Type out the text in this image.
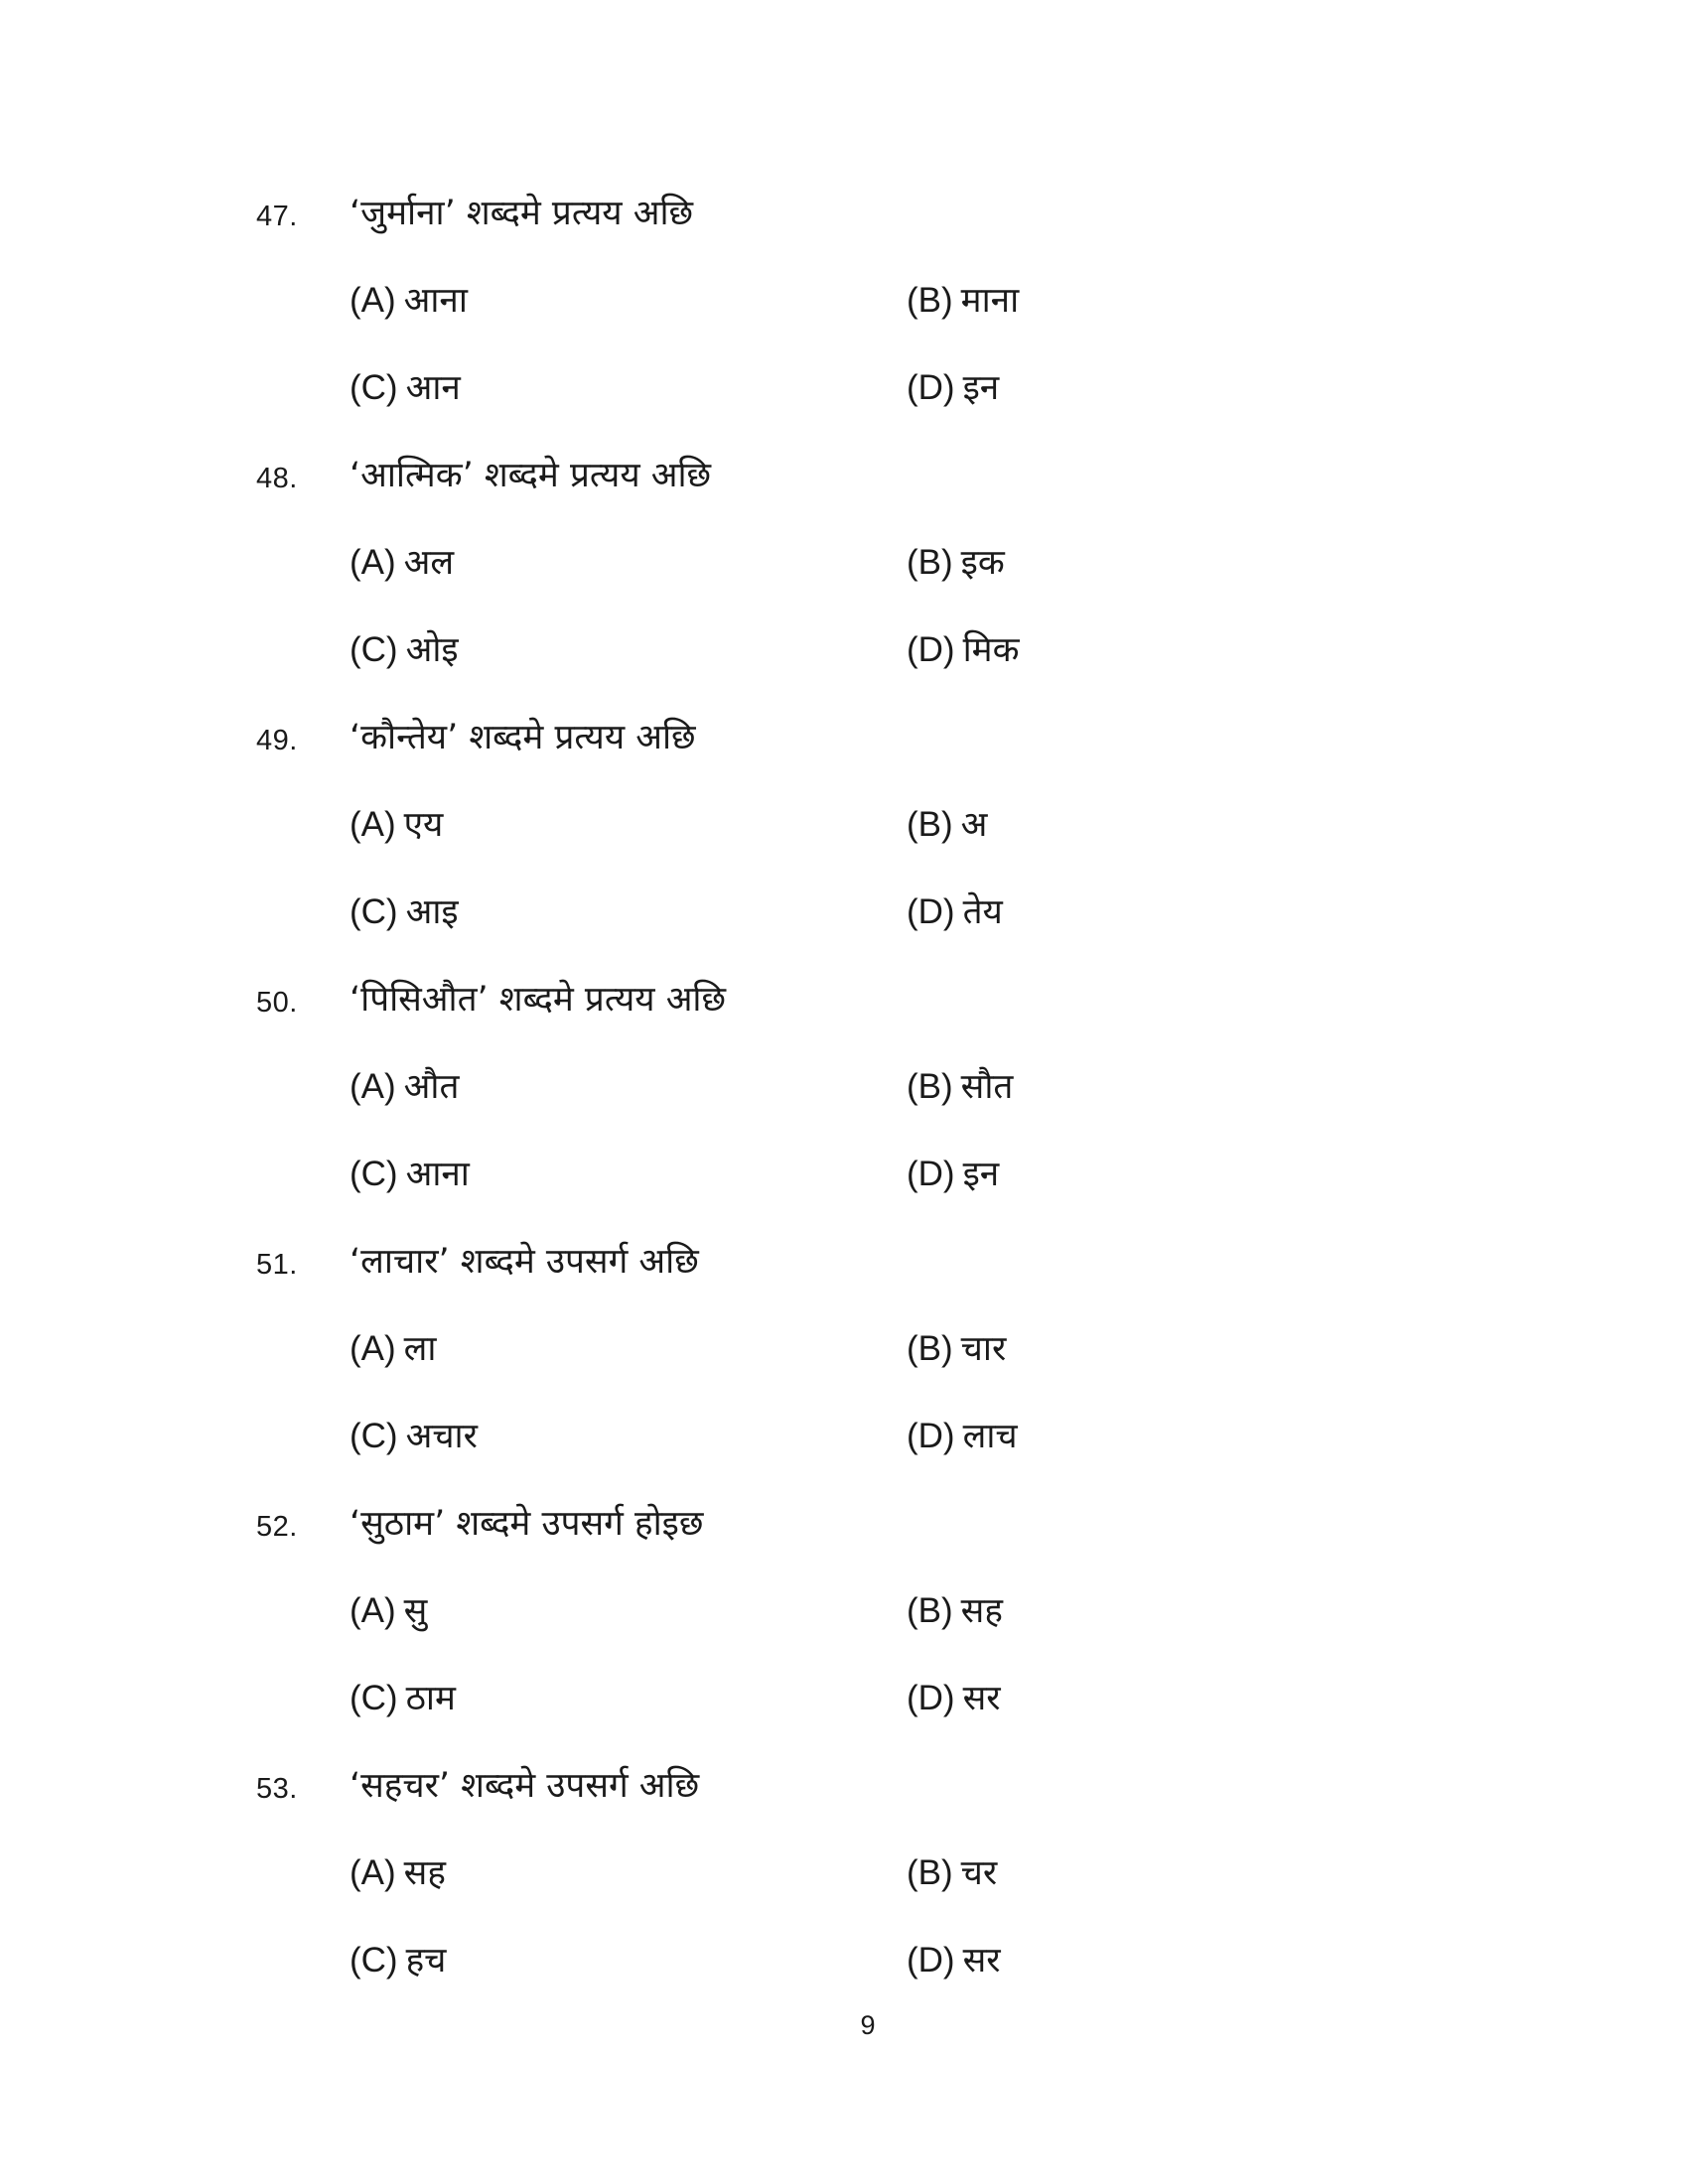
47. ‘जुर्माना’ शब्दमे प्रत्यय अछि
(A) आना	(B) माना
(C) आन	(D) इन
48. ‘आत्मिक’ शब्दमे प्रत्यय अछि
(A) अल	(B) इक
(C) ओइ	(D) मिक
49. ‘कौन्तेय’ शब्दमे प्रत्यय अछि
(A) एय	(B) अ
(C) आइ	(D) तेय
50. ‘पिसिऔत’ शब्दमे प्रत्यय अछि
(A) औत	(B) सौत
(C) आना	(D) इन
51. ‘लाचार’ शब्दमे उपसर्ग अछि
(A) ला	(B) चार
(C) अचार	(D) लाच
52. ‘सुठाम’ शब्दमे उपसर्ग होइछ
(A) सु	(B) सह
(C) ठाम	(D) सर
53. ‘सहचर’ शब्दमे उपसर्ग अछि
(A) सह	(B) चर
(C) हच	(D) सर
9
